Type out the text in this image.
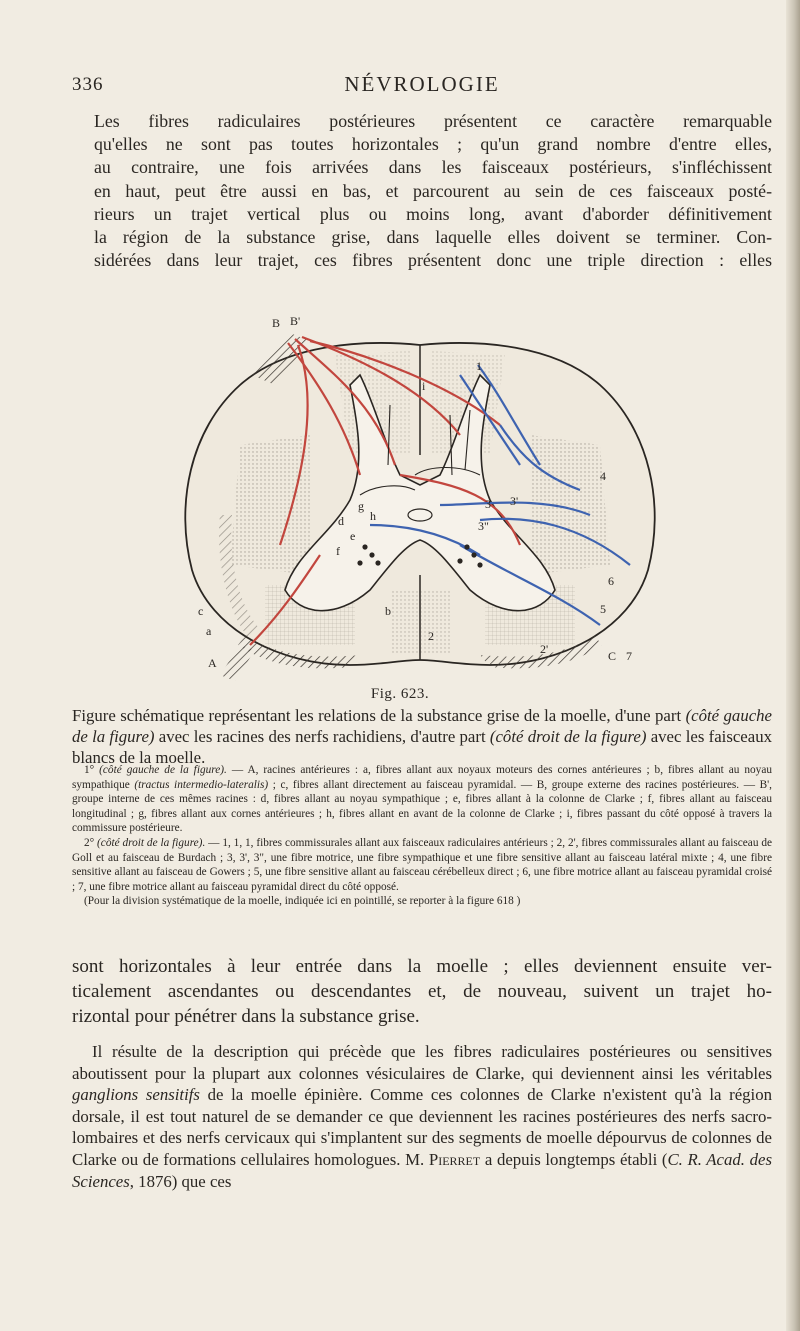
336	NÉVROLOGIE

Les fibres radiculaires postérieures présentent ce caractère remarquable
qu'elles ne sont pas toutes horizontales ; qu'un grand nombre d'entre elles,
au contraire, une fois arrivées dans les faisceaux postérieurs, s'infléchissent
en haut, peut être aussi en bas, et parcourent au sein de ces faisceaux posté-
rieurs un trajet vertical plus ou moins long, avant d'aborder définitivement
la région de la substance grise, dans laquelle elles doivent se terminer. Con-
sidérées dans leur trajet, ces fibres présentent donc une triple direction : elles

A
B B'
C
a
c	b
d
e
f
g
h
i
1
2
2'
3 3'
3"
4
5
6
7
Fig. 623.

Figure schématique représentant les relations de la substance grise de la moelle, d'une part (côté gauche de la figure) avec les racines des nerfs rachidiens, d'autre part (côté droit de la figure) avec les faisceaux blancs de la moelle.

1° (côté gauche de la figure). — A, racines antérieures : a, fibres allant aux noyaux moteurs des cornes antérieures ; b, fibres allant au noyau sympathique (tractus intermedio-lateralis) ; c, fibres allant directement au faisceau pyramidal. — B, groupe externe des racines postérieures. — B', groupe interne de ces mêmes racines : d, fibres allant au noyau sympathique ; e, fibres allant à la colonne de Clarke ; f, fibres allant au faisceau longitudinal ; g, fibres allant aux cornes antérieures ; h, fibres allant en avant de la colonne de Clarke ; i, fibres passant du côté opposé à travers la commissure postérieure.

2° (côté droit de la figure). — 1, 1, 1, fibres commissurales allant aux faisceaux radiculaires antérieurs ; 2, 2', fibres commissurales allant au faisceau de Goll et au faisceau de Burdach ; 3, 3', 3", une fibre motrice, une fibre sympathique et une fibre sensitive allant au faisceau latéral mixte ; 4, une fibre sensitive allant au faisceau de Gowers ; 5, une fibre sensitive allant au faisceau cérébelleux direct ; 6, une fibre motrice allant au faisceau pyramidal croisé ; 7, une fibre motrice allant au faisceau pyramidal direct du côté opposé.

(Pour la division systématique de la moelle, indiquée ici en pointillé, se reporter à la figure 618 )

sont horizontales à leur entrée dans la moelle ; elles deviennent ensuite ver-
ticalement ascendantes ou descendantes et, de nouveau, suivent un trajet ho-
rizontal pour pénétrer dans la substance grise.

Il résulte de la description qui précède que les fibres radiculaires postérieures ou sensitives aboutissent pour la plupart aux colonnes vésiculaires de Clarke, qui deviennent ainsi les véritables ganglions sensitifs de la moelle épinière. Comme ces colonnes de Clarke n'existent qu'à la région dorsale, il est tout naturel de se demander ce que deviennent les racines postérieures des nerfs sacro-lombaires et des nerfs cervicaux qui s'implantent sur des segments de moelle dépourvus de colonnes de Clarke ou de formations cellulaires homologues. M. Pierret a depuis longtemps établi (C. R. Acad. des Sciences, 1876) que ces
